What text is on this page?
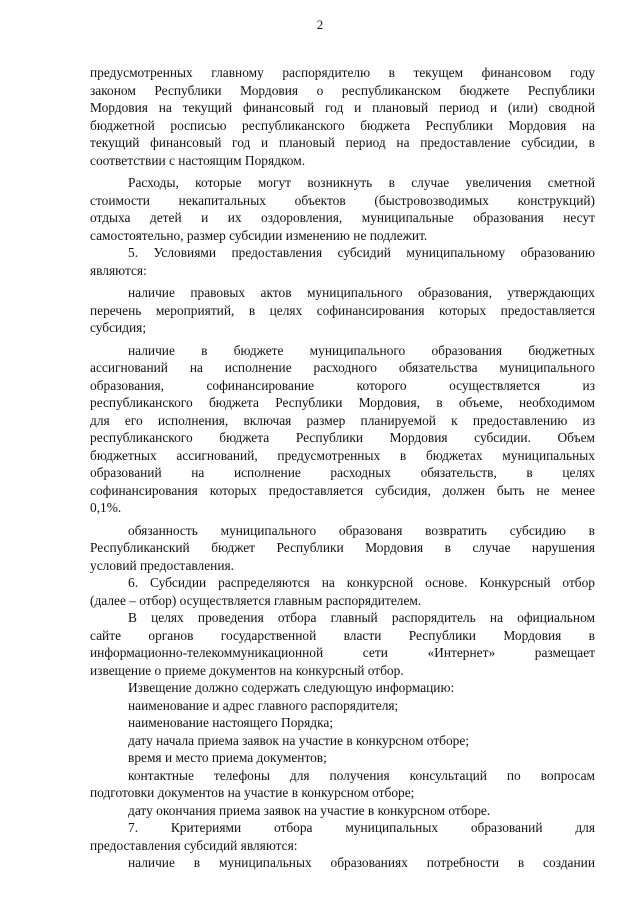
2
предусмотренных главному распорядителю в текущем финансовом году
законом Республики Мордовия о республиканском бюджете Республики
Мордовия на текущий финансовый год и плановый период и (или) сводной
бюджетной росписью республиканского бюджета Республики Мордовия на
текущий финансовый год и плановый период на предоставление субсидии, в
соответствии с настоящим Порядком.
Расходы, которые могут возникнуть в случае увеличения сметной
стоимости некапитальных объектов (быстровозводимых конструкций)
отдыха детей и их оздоровления, муниципальные образования несут
самостоятельно, размер субсидии изменению не подлежит.
5. Условиями предоставления субсидий муниципальному образованию
являются:
наличие правовых актов муниципального образования, утверждающих
перечень мероприятий, в целях софинансирования которых предоставляется
субсидия;
наличие в бюджете муниципального образования бюджетных
ассигнований на исполнение расходного обязательства муниципального
образования, софинансирование которого осуществляется из
республиканского бюджета Республики Мордовия, в объеме, необходимом
для его исполнения, включая размер планируемой к предоставлению из
республиканского бюджета Республики Мордовия субсидии. Объем
бюджетных ассигнований, предусмотренных в бюджетах муниципальных
образований на исполнение расходных обязательств, в целях
софинансирования которых предоставляется субсидия, должен быть не менее
0,1%.
обязанность муниципального образованя возвратить субсидию в
Республиканский бюджет Республики Мордовия в случае нарушения
условий предоставления.
6. Субсидии распределяются на конкурсной основе. Конкурсный отбор
(далее – отбор) осуществляется главным распорядителем.
В целях проведения отбора главный распорядитель на официальном
сайте органов государственной власти Республики Мордовия в
информационно-телекоммуникационной сети «Интернет» размещает
извещение о приеме документов на конкурсный отбор.
Извещение должно содержать следующую информацию:
наименование и адрес главного распорядителя;
наименование настоящего Порядка;
дату начала приема заявок на участие в конкурсном отборе;
время и место приема документов;
контактные телефоны для получения консультаций по вопросам
подготовки документов на участие в конкурсном отборе;
дату окончания приема заявок на участие в конкурсном отборе.
7. Критериями отбора муниципальных образований для
предоставления субсидий являются:
наличие в муниципальных образованиях потребности в создании
